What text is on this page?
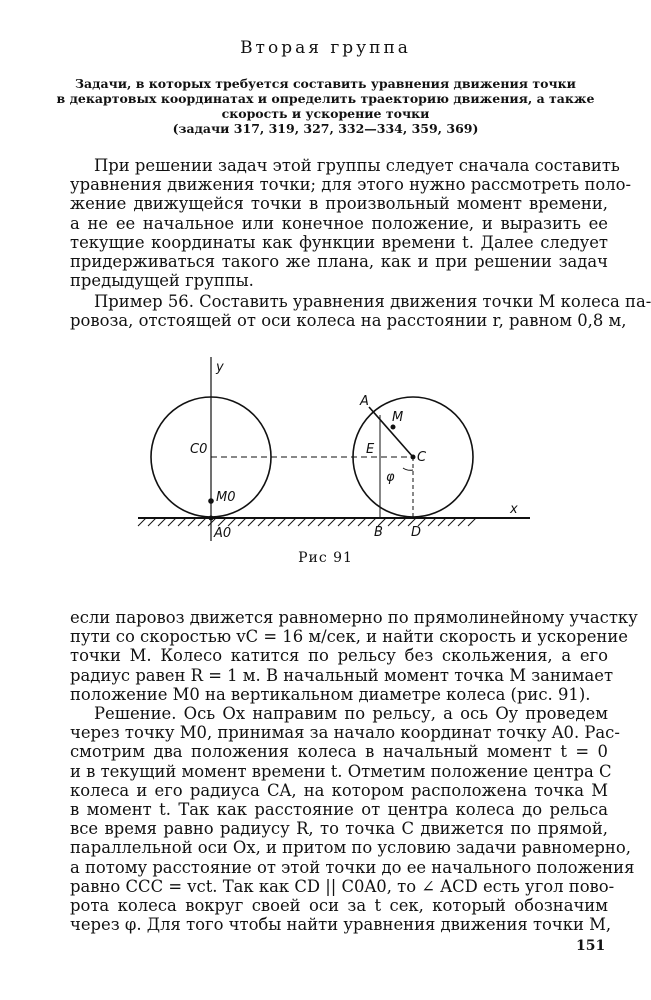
Вторая группа
Задачи, в которых требуется составить уравнения движения точки
в декартовых координатах и определить траекторию движения, а также
скорость и ускорение точки
(задачи 317, 319, 327, 332—334, 359, 369)

При решении задач этой группы следует сначала составить
уравнения движения точки; для этого нужно рассмотреть поло-
жение движущейся точки в произвольный момент времени,
а не ее начальное или конечное положение, и выразить ее
текущие координаты как функции времени t. Далее следует
придерживаться такого же плана, как и при решении задач
предыдущей группы.

Пример 56. Составить уравнения движения точки M колеса па-
ровоза, отстоящей от оси колеса на расстоянии r, равном 0,8 м,

y
x
C0
M0
A0
A
M
E
C
φ
B D
Рис 91

если паровоз движется равномерно по прямолинейному участку
пути со скоростью vC = 16 м/сек, и найти скорость и ускорение
точки M. Колесо катится по рельсу без скольжения, а его
радиус равен R = 1 м. В начальный момент точка M занимает
положение M0 на вертикальном диаметре колеса (рис. 91).

Решение. Ось Ox направим по рельсу, а ось Oy проведем
через точку M0, принимая за начало координат точку A0. Рас-
смотрим два положения колеса в начальный момент t = 0
и в текущий момент времени t. Отметим положение центра C
колеса и его радиуса CA, на котором расположена точка M
в момент t. Так как расстояние от центра колеса до рельса
все время равно радиусу R, то точка C движется по прямой,
параллельной оси Ox, и притом по условию задачи равномерно,
а потому расстояние от этой точки до ее начального положения
равно CCC = vct. Так как CD || C0A0, то ∠ ACD есть угол пово-
рота колеса вокруг своей оси за t сек, который обозначим
через φ. Для того чтобы найти уравнения движения точки M,

151
